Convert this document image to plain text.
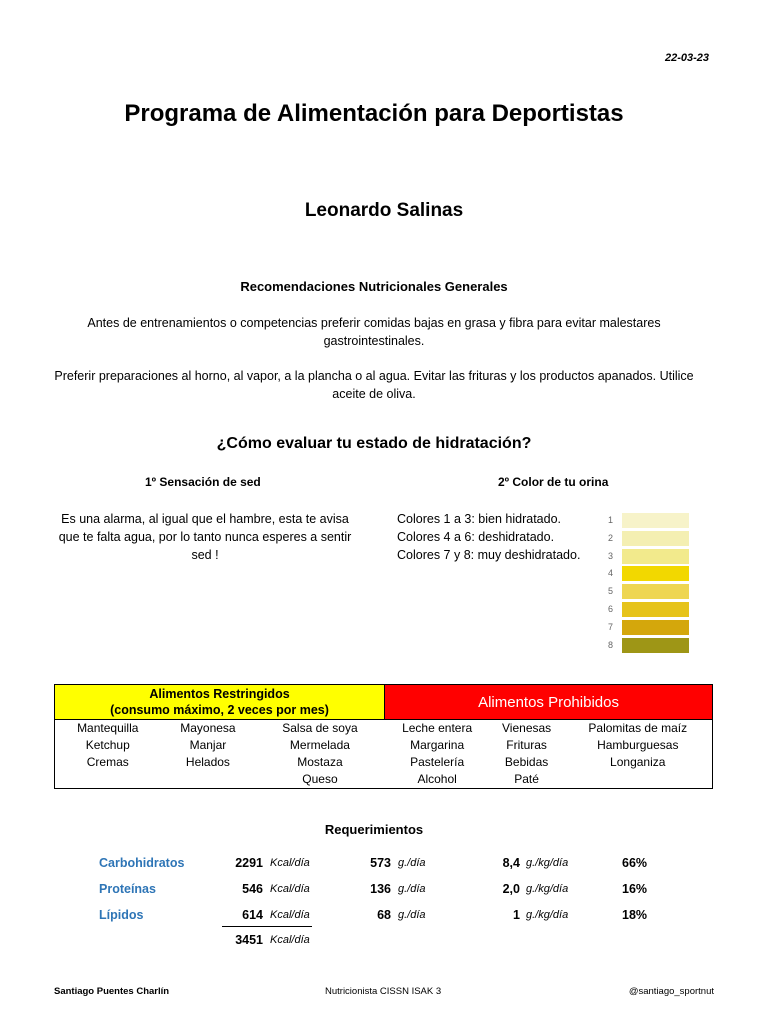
22-03-23
Programa de Alimentación para Deportistas
Leonardo Salinas
Recomendaciones Nutricionales Generales
Antes de entrenamientos o competencias preferir comidas bajas en grasa y fibra para evitar malestares
gastrointestinales.
Preferir preparaciones al horno, al vapor, a la plancha o al agua. Evitar las frituras y los productos apanados. Utilice
aceite de oliva.
¿Cómo evaluar tu estado de hidratación?
1º Sensación de sed	2º Color de tu orina
Es una alarma, al igual que el hambre, esta te avisa
que te falta agua, por lo tanto nunca esperes a sentir
sed !
Colores 1 a 3: bien hidratado.
Colores 4 a 6: deshidratado.
Colores 7 y 8: muy deshidratado.
1
2
3
4
5
6
7
8
Alimentos Restringidos
(consumo máximo, 2 veces por mes)			Alimentos Prohibidos		
Mantequilla	Mayonesa	Salsa de soya	Leche entera	Vienesas	Palomitas de maíz
Ketchup	Manjar	Mermelada	Margarina	Frituras	Hamburguesas
Cremas	Helados	Mostaza	Pastelería	Bebidas	Longaniza
		Queso	Alcohol	Paté	
Requerimientos
Carbohidratos	2291 Kcal/día	573 g./día	8,4 g./kg/día	66%
Proteínas	546 Kcal/día	136 g./día	2,0 g./kg/día	16%
Lípidos	614 Kcal/día	68 g./día	1 g./kg/día	18%
3451 Kcal/día
Santiago Puentes Charlín	Nutricionista CISSN ISAK 3	@santiago_sportnut
